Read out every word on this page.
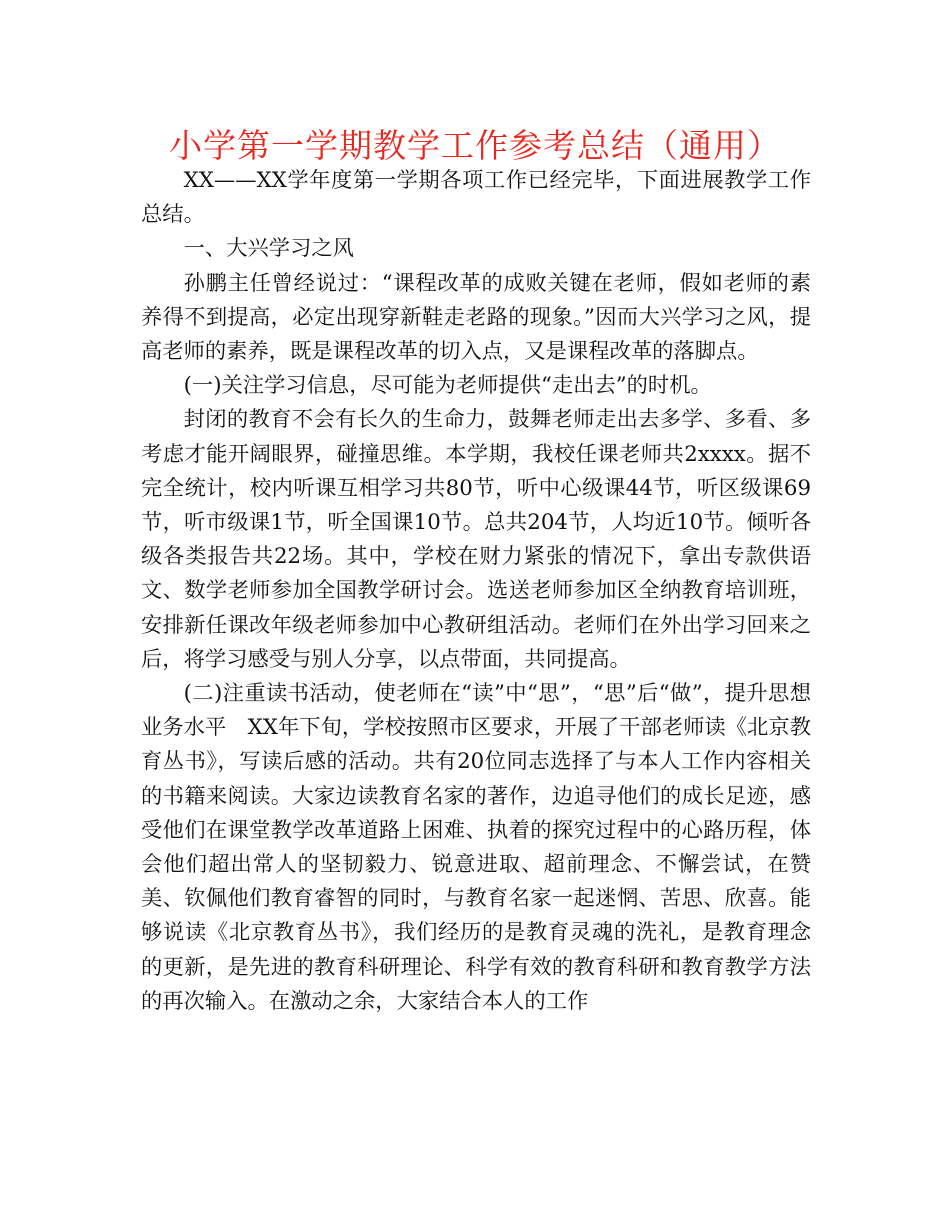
小学第一学期教学工作参考总结（通用）

XX——XX学年度第一学期各项工作已经完毕，下面进展教学工作总结。

一、大兴学习之风

孙鹏主任曾经说过：“课程改革的成败关键在老师，假如老师的素养得不到提高，必定出现穿新鞋走老路的现象。”因而大兴学习之风，提高老师的素养，既是课程改革的切入点，又是课程改革的落脚点。

(一)关注学习信息，尽可能为老师提供“走出去”的时机。

封闭的教育不会有长久的生命力，鼓舞老师走出去多学、多看、多考虑才能开阔眼界，碰撞思维。本学期，我校任课老师共2xxxx。据不完全统计，校内听课互相学习共80节，听中心级课44节，听区级课69节，听市级课1节，听全国课10节。总共204节，人均近10节。倾听各级各类报告共22场。其中，学校在财力紧张的情况下，拿出专款供语文、数学老师参加全国教学研讨会。选送老师参加区全纳教育培训班，安排新任课改年级老师参加中心教研组活动。老师们在外出学习回来之后，将学习感受与别人分享，以点带面，共同提高。

(二)注重读书活动，使老师在“读”中“思”，“思”后“做”，提升思想业务水平　XX年下旬，学校按照市区要求，开展了干部老师读《北京教育丛书》，写读后感的活动。共有20位同志选择了与本人工作内容相关的书籍来阅读。大家边读教育名家的著作，边追寻他们的成长足迹，感受他们在课堂教学改革道路上困难、执着的探究过程中的心路历程，体会他们超出常人的坚韧毅力、锐意进取、超前理念、不懈尝试，在赞美、钦佩他们教育睿智的同时，与教育名家一起迷惘、苦思、欣喜。能够说读《北京教育丛书》，我们经历的是教育灵魂的洗礼，是教育理念的更新，是先进的教育科研理论、科学有效的教育科研和教育教学方法的再次输入。在激动之余，大家结合本人的工作
